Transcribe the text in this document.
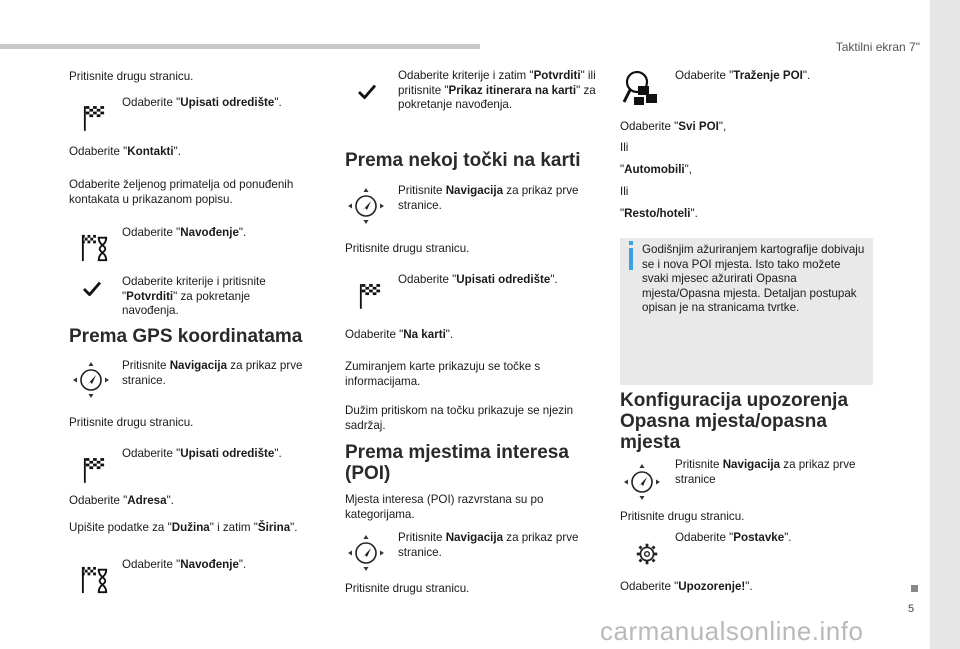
Taktilni ekran 7"
Pritisnite drugu stranicu.
Odaberite "Upisati odredište".
Odaberite "Kontakti".
Odaberite željenog primatelja od ponuđenih kontakata u prikazanom popisu.
Odaberite "Navođenje".
Odaberite kriterije i pritisnite "Potvrditi" za pokretanje navođenja.
Prema GPS koordinatama
Pritisnite Navigacija za prikaz prve stranice.
Pritisnite drugu stranicu.
Odaberite "Upisati odredište".
Odaberite "Adresa".
Upišite podatke za "Dužina" i zatim "Širina".
Odaberite "Navođenje".
Odaberite kriterije i zatim "Potvrditi" ili pritisnite "Prikaz itinerara na karti" za pokretanje navođenja.
Prema nekoj točki na karti
Pritisnite Navigacija za prikaz prve stranice.
Pritisnite drugu stranicu.
Odaberite "Upisati odredište".
Odaberite "Na karti".
Zumiranjem karte prikazuju se točke s informacijama.
Dužim pritiskom na točku prikazuje se njezin sadržaj.
Prema mjestima interesa (POI)
Mjesta interesa (POI) razvrstana su po kategorijama.
Pritisnite Navigacija za prikaz prve stranice.
Pritisnite drugu stranicu.
Odaberite "Traženje POI".
Odaberite "Svi POI",
Ili
"Automobili",
Ili
"Resto/hoteli".
Godišnjim ažuriranjem kartografije dobivaju se i nova POI mjesta. Isto tako možete svaki mjesec ažurirati Opasna mjesta/Opasna mjesta. Detaljan postupak opisan je na stranicama tvrtke.
Konfiguracija upozorenja Opasna mjesta/opasna mjesta
Pritisnite Navigacija za prikaz prve stranice
Pritisnite drugu stranicu.
Odaberite "Postavke".
Odaberite "Upozorenje!".
5
carmanualsonline.info
